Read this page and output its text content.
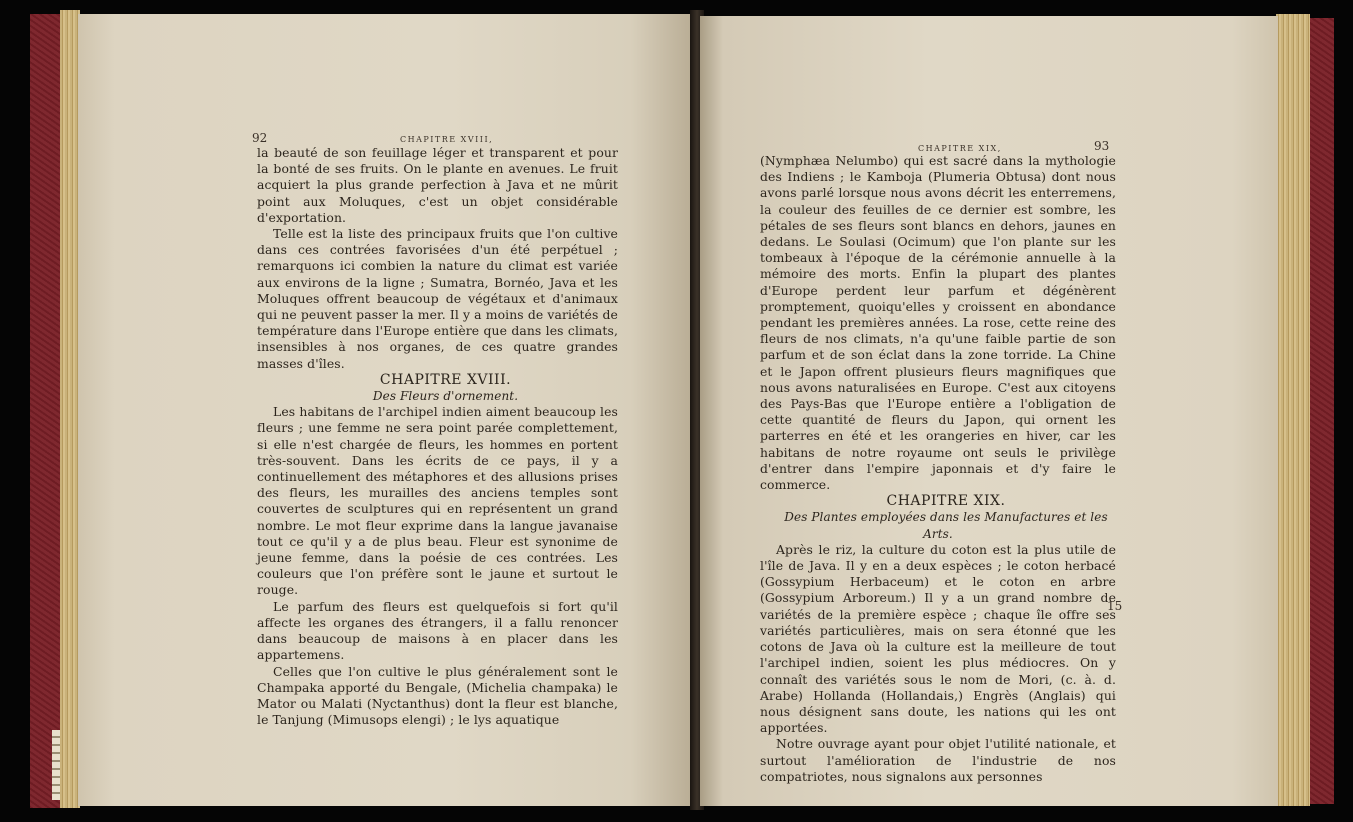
92	CHAPITRE XVIII,

la beauté de son feuillage léger et transparent et pour la bonté de ses fruits. On le plante en avenues. Le fruit acquiert la plus grande perfection à Java et ne mûrit point aux Moluques, c'est un objet considérable d'exportation.

Telle est la liste des principaux fruits que l'on cultive dans ces contrées favorisées d'un été perpétuel ; remarquons ici combien la nature du climat est variée aux environs de la ligne ; Sumatra, Bornéo, Java et les Moluques offrent beaucoup de végétaux et d'animaux qui ne peuvent passer la mer. Il y a moins de variétés de température dans l'Europe entière que dans les climats, insensibles à nos organes, de ces quatre grandes masses d'îles.

CHAPITRE XVIII.

Des Fleurs d'ornement.

Les habitans de l'archipel indien aiment beaucoup les fleurs ; une femme ne sera point parée complettement, si elle n'est chargée de fleurs, les hommes en portent très-souvent. Dans les écrits de ce pays, il y a continuellement des métaphores et des allusions prises des fleurs, les murailles des anciens temples sont couvertes de sculptures qui en représentent un grand nombre. Le mot fleur exprime dans la langue javanaise tout ce qu'il y a de plus beau. Fleur est synonime de jeune femme, dans la poésie de ces contrées. Les couleurs que l'on préfère sont le jaune et surtout le rouge.

Le parfum des fleurs est quelquefois si fort qu'il affecte les organes des étrangers, il a fallu renoncer dans beaucoup de maisons à en placer dans les appartemens.

Celles que l'on cultive le plus généralement sont le Champaka apporté du Bengale, (Michelia champaka) le Mator ou Malati (Nyctanthus) dont la fleur est blanche, le Tanjung (Mimusops elengi) ; le lys aquatique

CHAPITRE XIX,	93

(Nymphæa Nelumbo) qui est sacré dans la mythologie des Indiens ; le Kamboja (Plumeria Obtusa) dont nous avons parlé lorsque nous avons décrit les enterremens, la couleur des feuilles de ce dernier est sombre, les pétales de ses fleurs sont blancs en dehors, jaunes en dedans. Le Soulasi (Ocimum) que l'on plante sur les tombeaux à l'époque de la cérémonie annuelle à la mémoire des morts. Enfin la plupart des plantes d'Europe perdent leur parfum et dégénèrent promptement, quoiqu'elles y croissent en abondance pendant les premières années. La rose, cette reine des fleurs de nos climats, n'a qu'une faible partie de son parfum et de son éclat dans la zone torride. La Chine et le Japon offrent plusieurs fleurs magnifiques que nous avons naturalisées en Europe. C'est aux citoyens des Pays-Bas que l'Europe entière a l'obligation de cette quantité de fleurs du Japon, qui ornent les parterres en été et les orangeries en hiver, car les habitans de notre royaume ont seuls le privilège d'entrer dans l'empire japonnais et d'y faire le commerce.

CHAPITRE XIX.

Des Plantes employées dans les Manufactures et les Arts.

Après le riz, la culture du coton est la plus utile de l'île de Java. Il y en a deux espèces ; le coton herbacé (Gossypium Herbaceum) et le coton en arbre (Gossypium Arboreum.) Il y a un grand nombre de variétés de la première espèce ; chaque île offre ses variétés particulières, mais on sera étonné que les cotons de Java où la culture est la meilleure de tout l'archipel indien, soient les plus médiocres. On y connaît des variétés sous le nom de Mori, (c. à. d. Arabe) Hollanda (Hollandais,) Engrès (Anglais) qui nous désignent sans doute, les nations qui les ont apportées.

Notre ouvrage ayant pour objet l'utilité nationale, et surtout l'amélioration de l'industrie de nos compatriotes, nous signalons aux personnes

15
